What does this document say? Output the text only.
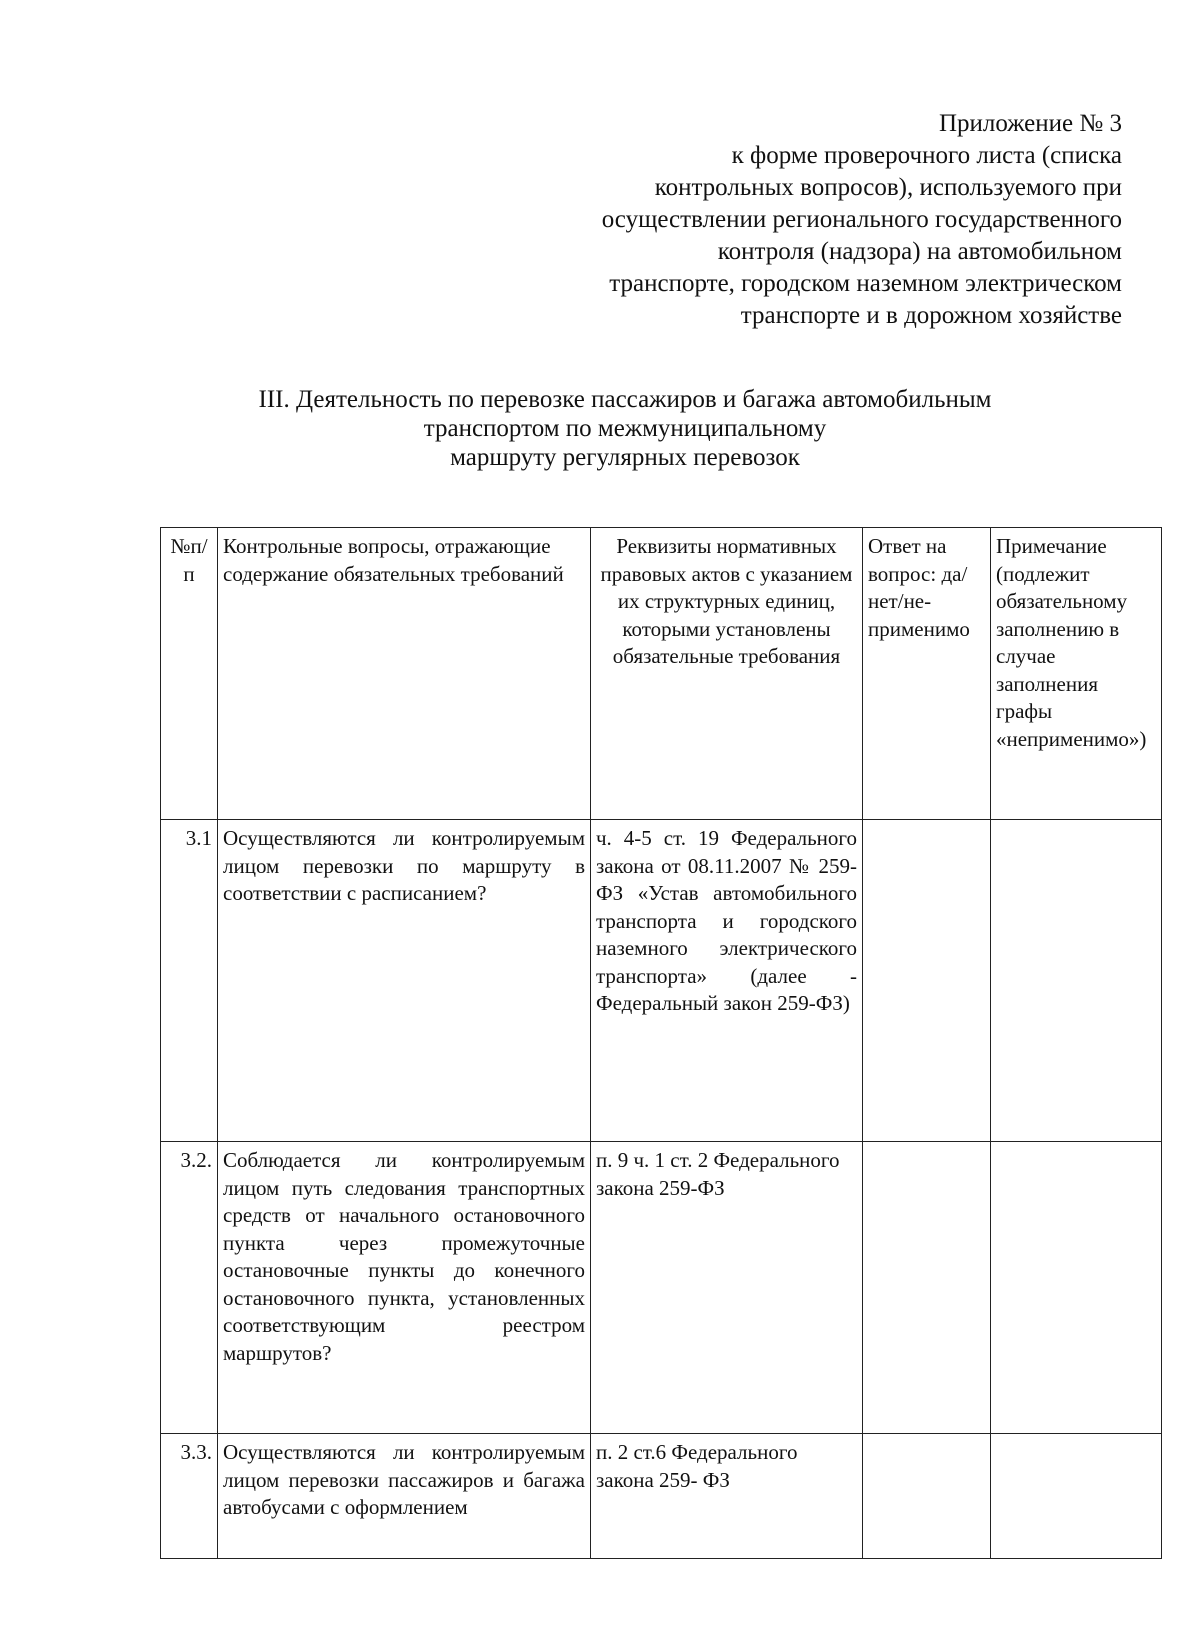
Приложение № 3
к форме проверочного листа (списка
контрольных вопросов), используемого при
осуществлении регионального государственного
контроля (надзора) на автомобильном
транспорте, городском наземном электрическом
транспорте и в дорожном хозяйстве
III. Деятельность по перевозке пассажиров и багажа автомобильным
транспортом по межмуниципальному
маршруту регулярных перевозок
№п/п	Контрольные вопросы, отражающие содержание обязательных требований	Реквизиты нормативных правовых актов с указанием их структурных единиц, которыми установлены обязательные требования	Ответ на вопрос: да/нет/не-применимо	Примечание (подлежит обязательному заполнению в случае заполнения графы «неприменимо»)
3.1	Осуществляются ли контролируемым лицом перевозки по маршруту в соответствии с расписанием?	ч. 4-5 ст. 19 Федерального закона от 08.11.2007 № 259-ФЗ «Устав автомобильного транспорта и городского наземного электрического транспорта» (далее - Федеральный закон 259-ФЗ)		
3.2.	Соблюдается ли контролируемым лицом путь следования транспортных средств от начального остановочного пункта через промежуточные остановочные пункты до конечного остановочного пункта, установленных соответствующим реестром маршрутов?	п. 9 ч. 1 ст. 2 Федерального закона 259-ФЗ		
3.3.	Осуществляются ли контролируемым лицом перевозки пассажиров и багажа автобусами с оформлением	п. 2 ст.6 Федерального закона 259- ФЗ		
